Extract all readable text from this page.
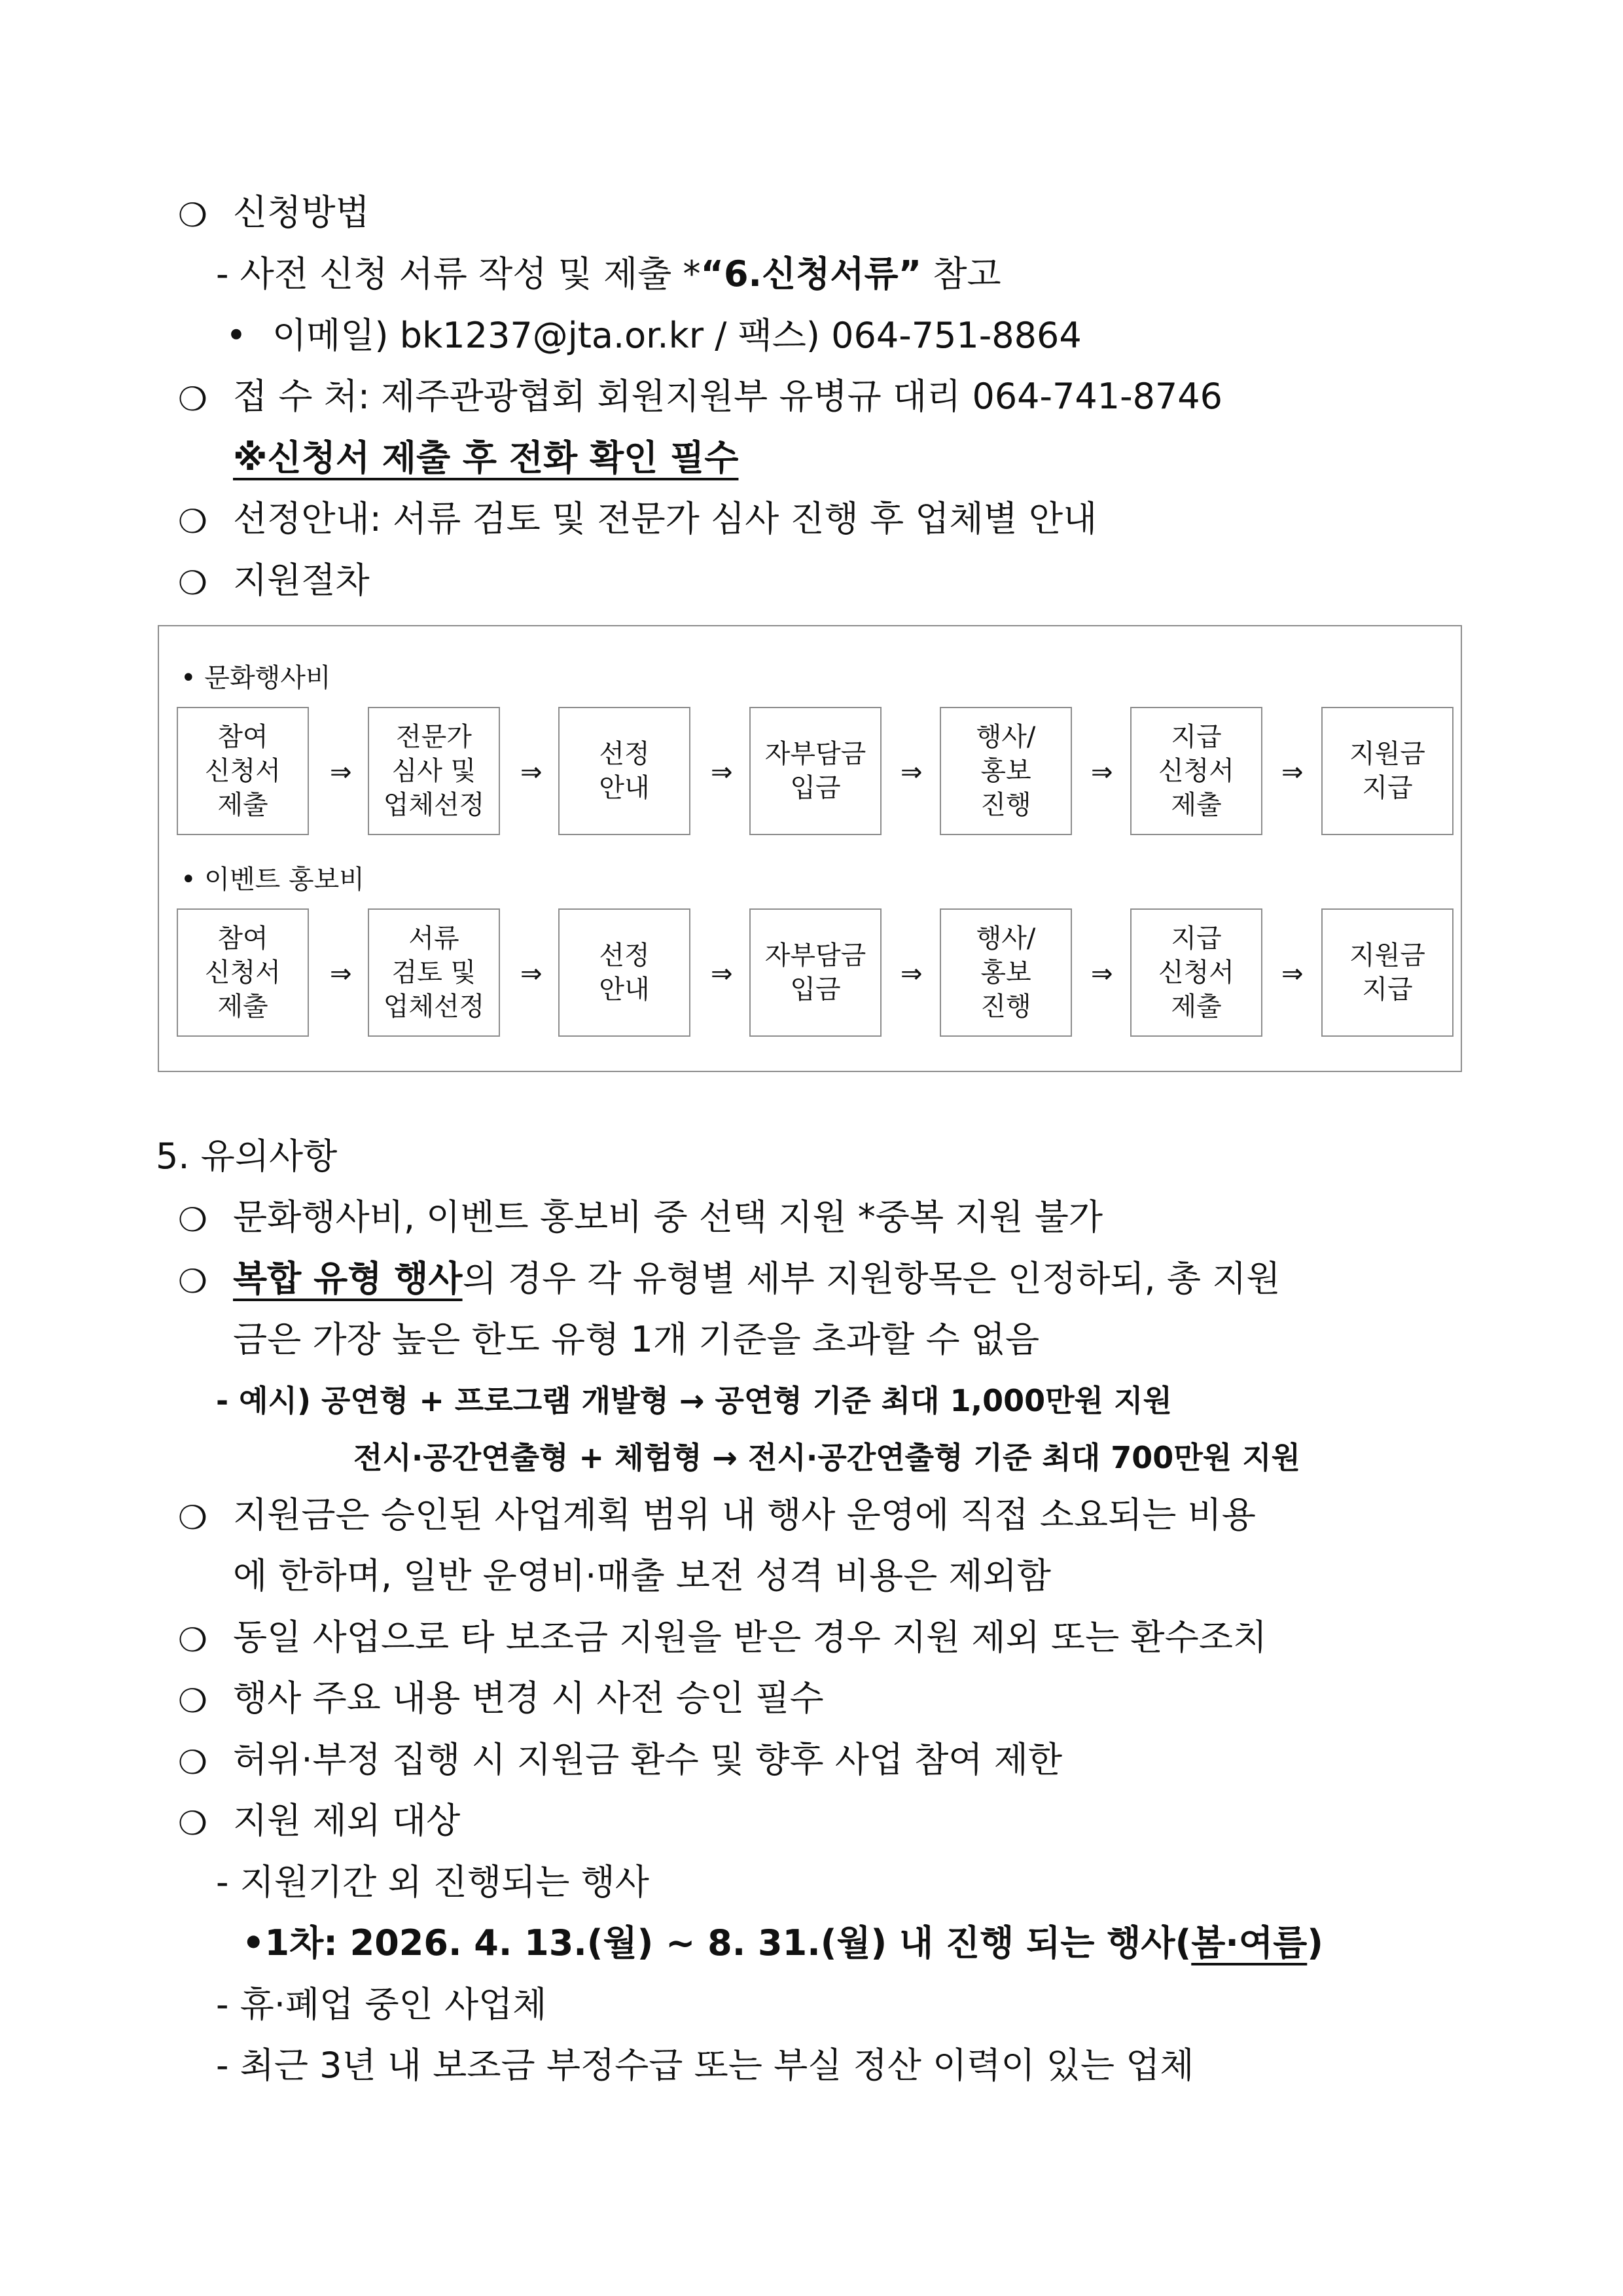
❍ 신청방법
- 사전 신청 서류 작성 및 제출 *“6.신청서류” 참고
• 이메일) bk1237@jta.or.kr / 팩스) 064-751-8864
❍ 접 수 처: 제주관광협회 회원지원부 유병규 대리 064-741-8746
※신청서 제출 후 전화 확인 필수
❍ 선정안내: 서류 검토 및 전문가 심사 진행 후 업체별 안내
❍ 지원절차
• 문화행사비
참여
신청서
제출
⇒
전문가
심사 및
업체선정
⇒
선정
안내
⇒
자부담금
입금
⇒
행사/
홍보
진행
⇒
지급
신청서
제출
⇒
지원금
지급
• 이벤트 홍보비
참여
신청서
제출
⇒
서류
검토 및
업체선정
⇒
선정
안내
⇒
자부담금
입금
⇒
행사/
홍보
진행
⇒
지급
신청서
제출
⇒
지원금
지급
5. 유의사항
❍ 문화행사비, 이벤트 홍보비 중 선택 지원 *중복 지원 불가
❍ 복합 유형 행사의 경우 각 유형별 세부 지원항목은 인정하되, 총 지원
금은 가장 높은 한도 유형 1개 기준을 초과할 수 없음
- 예시) 공연형 + 프로그램 개발형 → 공연형 기준 최대 1,000만원 지원
전시·공간연출형 + 체험형 → 전시·공간연출형 기준 최대 700만원 지원
❍ 지원금은 승인된 사업계획 범위 내 행사 운영에 직접 소요되는 비용
에 한하며, 일반 운영비·매출 보전 성격 비용은 제외함
❍ 동일 사업으로 타 보조금 지원을 받은 경우 지원 제외 또는 환수조치
❍ 행사 주요 내용 변경 시 사전 승인 필수
❍ 허위·부정 집행 시 지원금 환수 및 향후 사업 참여 제한
❍ 지원 제외 대상
- 지원기간 외 진행되는 행사
•1차: 2026. 4. 13.(월) ~ 8. 31.(월) 내 진행 되는 행사(봄·여름)
- 휴·폐업 중인 사업체
- 최근 3년 내 보조금 부정수급 또는 부실 정산 이력이 있는 업체
